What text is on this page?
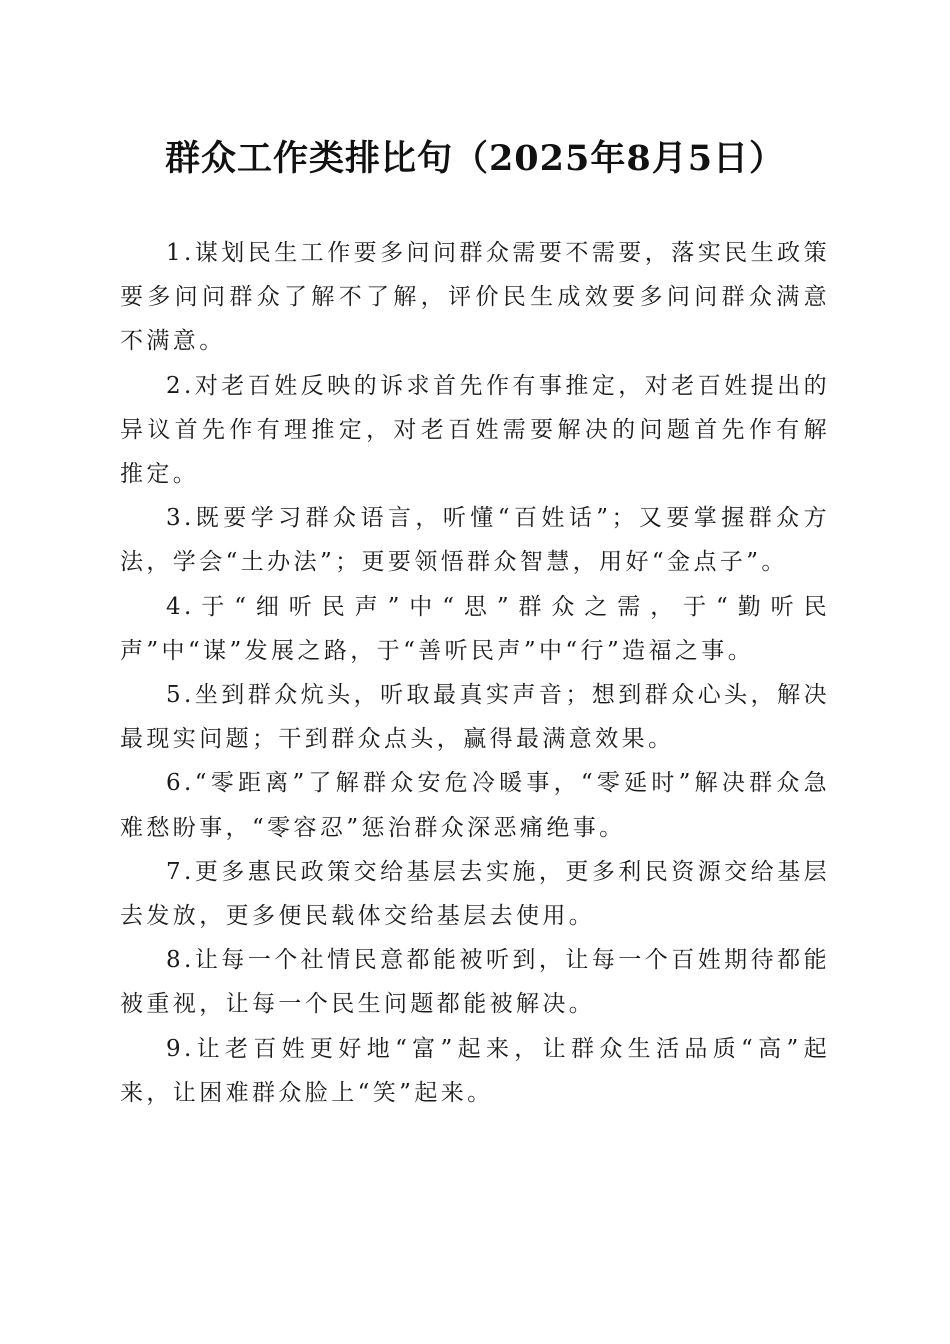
群众工作类排比句（2025年8月5日）

1.谋划民生工作要多问问群众需要不需要，落实民生政策要多问问群众了解不了解，评价民生成效要多问问群众满意不满意。

2.对老百姓反映的诉求首先作有事推定，对老百姓提出的异议首先作有理推定，对老百姓需要解决的问题首先作有解推定。

3.既要学习群众语言，听懂“百姓话”；又要掌握群众方法，学会“土办法”；更要领悟群众智慧，用好“金点子”。

4.于“细听民声”中“思”群众之需，于“勤听民声”中“谋”发展之路，于“善听民声”中“行”造福之事。

5.坐到群众炕头，听取最真实声音；想到群众心头，解决最现实问题；干到群众点头，赢得最满意效果。

6.“零距离”了解群众安危冷暖事，“零延时”解决群众急难愁盼事，“零容忍”惩治群众深恶痛绝事。

7.更多惠民政策交给基层去实施，更多利民资源交给基层去发放，更多便民载体交给基层去使用。

8.让每一个社情民意都能被听到，让每一个百姓期待都能被重视，让每一个民生问题都能被解决。

9.让老百姓更好地“富”起来，让群众生活品质“高”起来，让困难群众脸上“笑”起来。
